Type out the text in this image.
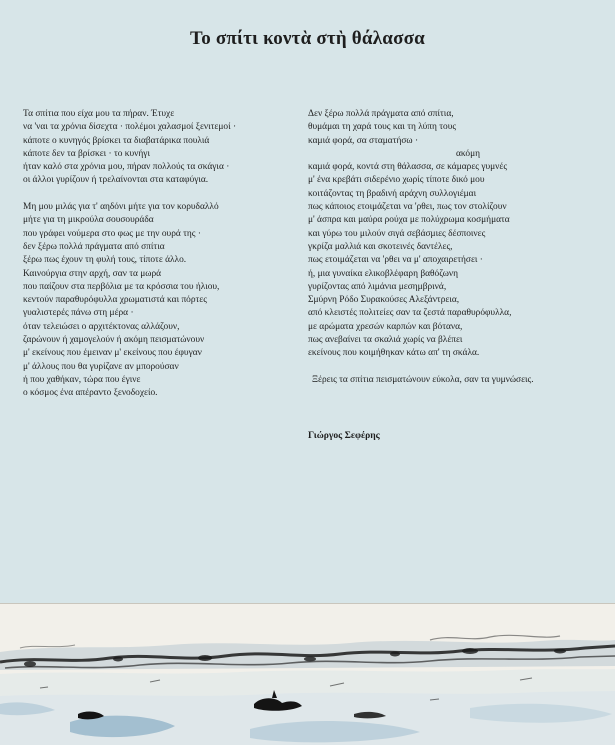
Το σπίτι κοντὰ στὴ θάλασσα
Τα σπίτια που είχα μου τα πήραν. Έτυχε
να 'ναι τα χρόνια δίσεχτα · πολέμοι χαλασμοί ξενιτεμοί ·
κάποτε ο κυνηγός βρίσκει τα διαβατάρικα πουλιά
κάποτε δεν τα βρίσκει · το κυνήγι
ήταν καλό στα χρόνια μου, πήραν πολλούς τα σκάγια ·
οι άλλοι γυρίζουν ή τρελαίνονται στα καταφύγια.
Μη μου μιλάς για τ' αηδόνι μήτε για τον κορυδαλλό
μήτε για τη μικρούλα σουσουράδα
που γράφει νούμερα στο φως με την ουρά της ·
δεν ξέρω πολλά πράγματα από σπίτια
ξέρω πως έχουν τη φυλή τους, τίποτε άλλο.
Καινούργια στην αρχή, σαν τα μωρά
που παίζουν στα περβόλια με τα κρόσσια του ήλιου,
κεντούν παραθυρόφυλλα χρωματιστά και πόρτες
γυαλιστερές πάνω στη μέρα ·
όταν τελειώσει ο αρχιτέκτονας αλλάζουν,
ζαρώνουν ή χαμογελούν ή ακόμη πεισματώνουν
μ' εκείνους που έμειναν μ' εκείνους που έφυγαν
μ' άλλους που θα γυρίζανε αν μπορούσαν
ή που χαθήκαν, τώρα που έγινε
ο κόσμος ένα απέραντο ξενοδοχείο.
Δεν ξέρω πολλά πράγματα από σπίτια,
θυμάμαι τη χαρά τους και τη λύπη τους
καμιά φορά, σα σταματήσω ·
ακόμη
καμιά φορά, κοντά στη θάλασσα, σε κάμαρες γυμνές
μ' ένα κρεβάτι σιδερένιο χωρίς τίποτε δικό μου
κοιτάζοντας τη βραδινή αράχνη συλλογιέμαι
πως κάποιος ετοιμάζεται να 'ρθει, πως τον στολίζουν
μ' άσπρα και μαύρα ρούχα με πολύχρωμα κοσμήματα
και γύρω του μιλούν σιγά σεβάσμιες δέσποινες
γκρίζα μαλλιά και σκοτεινές δαντέλες,
πως ετοιμάζεται να 'ρθει να μ' αποχαιρετήσει ·
ή, μια γυναίκα ελικοβλέφαρη βαθόζωνη
γυρίζοντας από λιμάνια μεσημβρινά,
Σμύρνη Ρόδο Συρακούσες Αλεξάντρεια,
από κλειστές πολιτείες σαν τα ζεστά παραθυρόφυλλα,
με αρώματα χρεσών καρπών και βότανα,
πως ανεβαίνει τα σκαλιά χωρίς να βλέπει
εκείνους που κοιμήθηκαν κάτω απ' τη σκάλα.
Ξέρεις τα σπίτια πεισματώνουν εύκολα, σαν τα γυμνώσεις.
Γιώργος Σεφέρης
